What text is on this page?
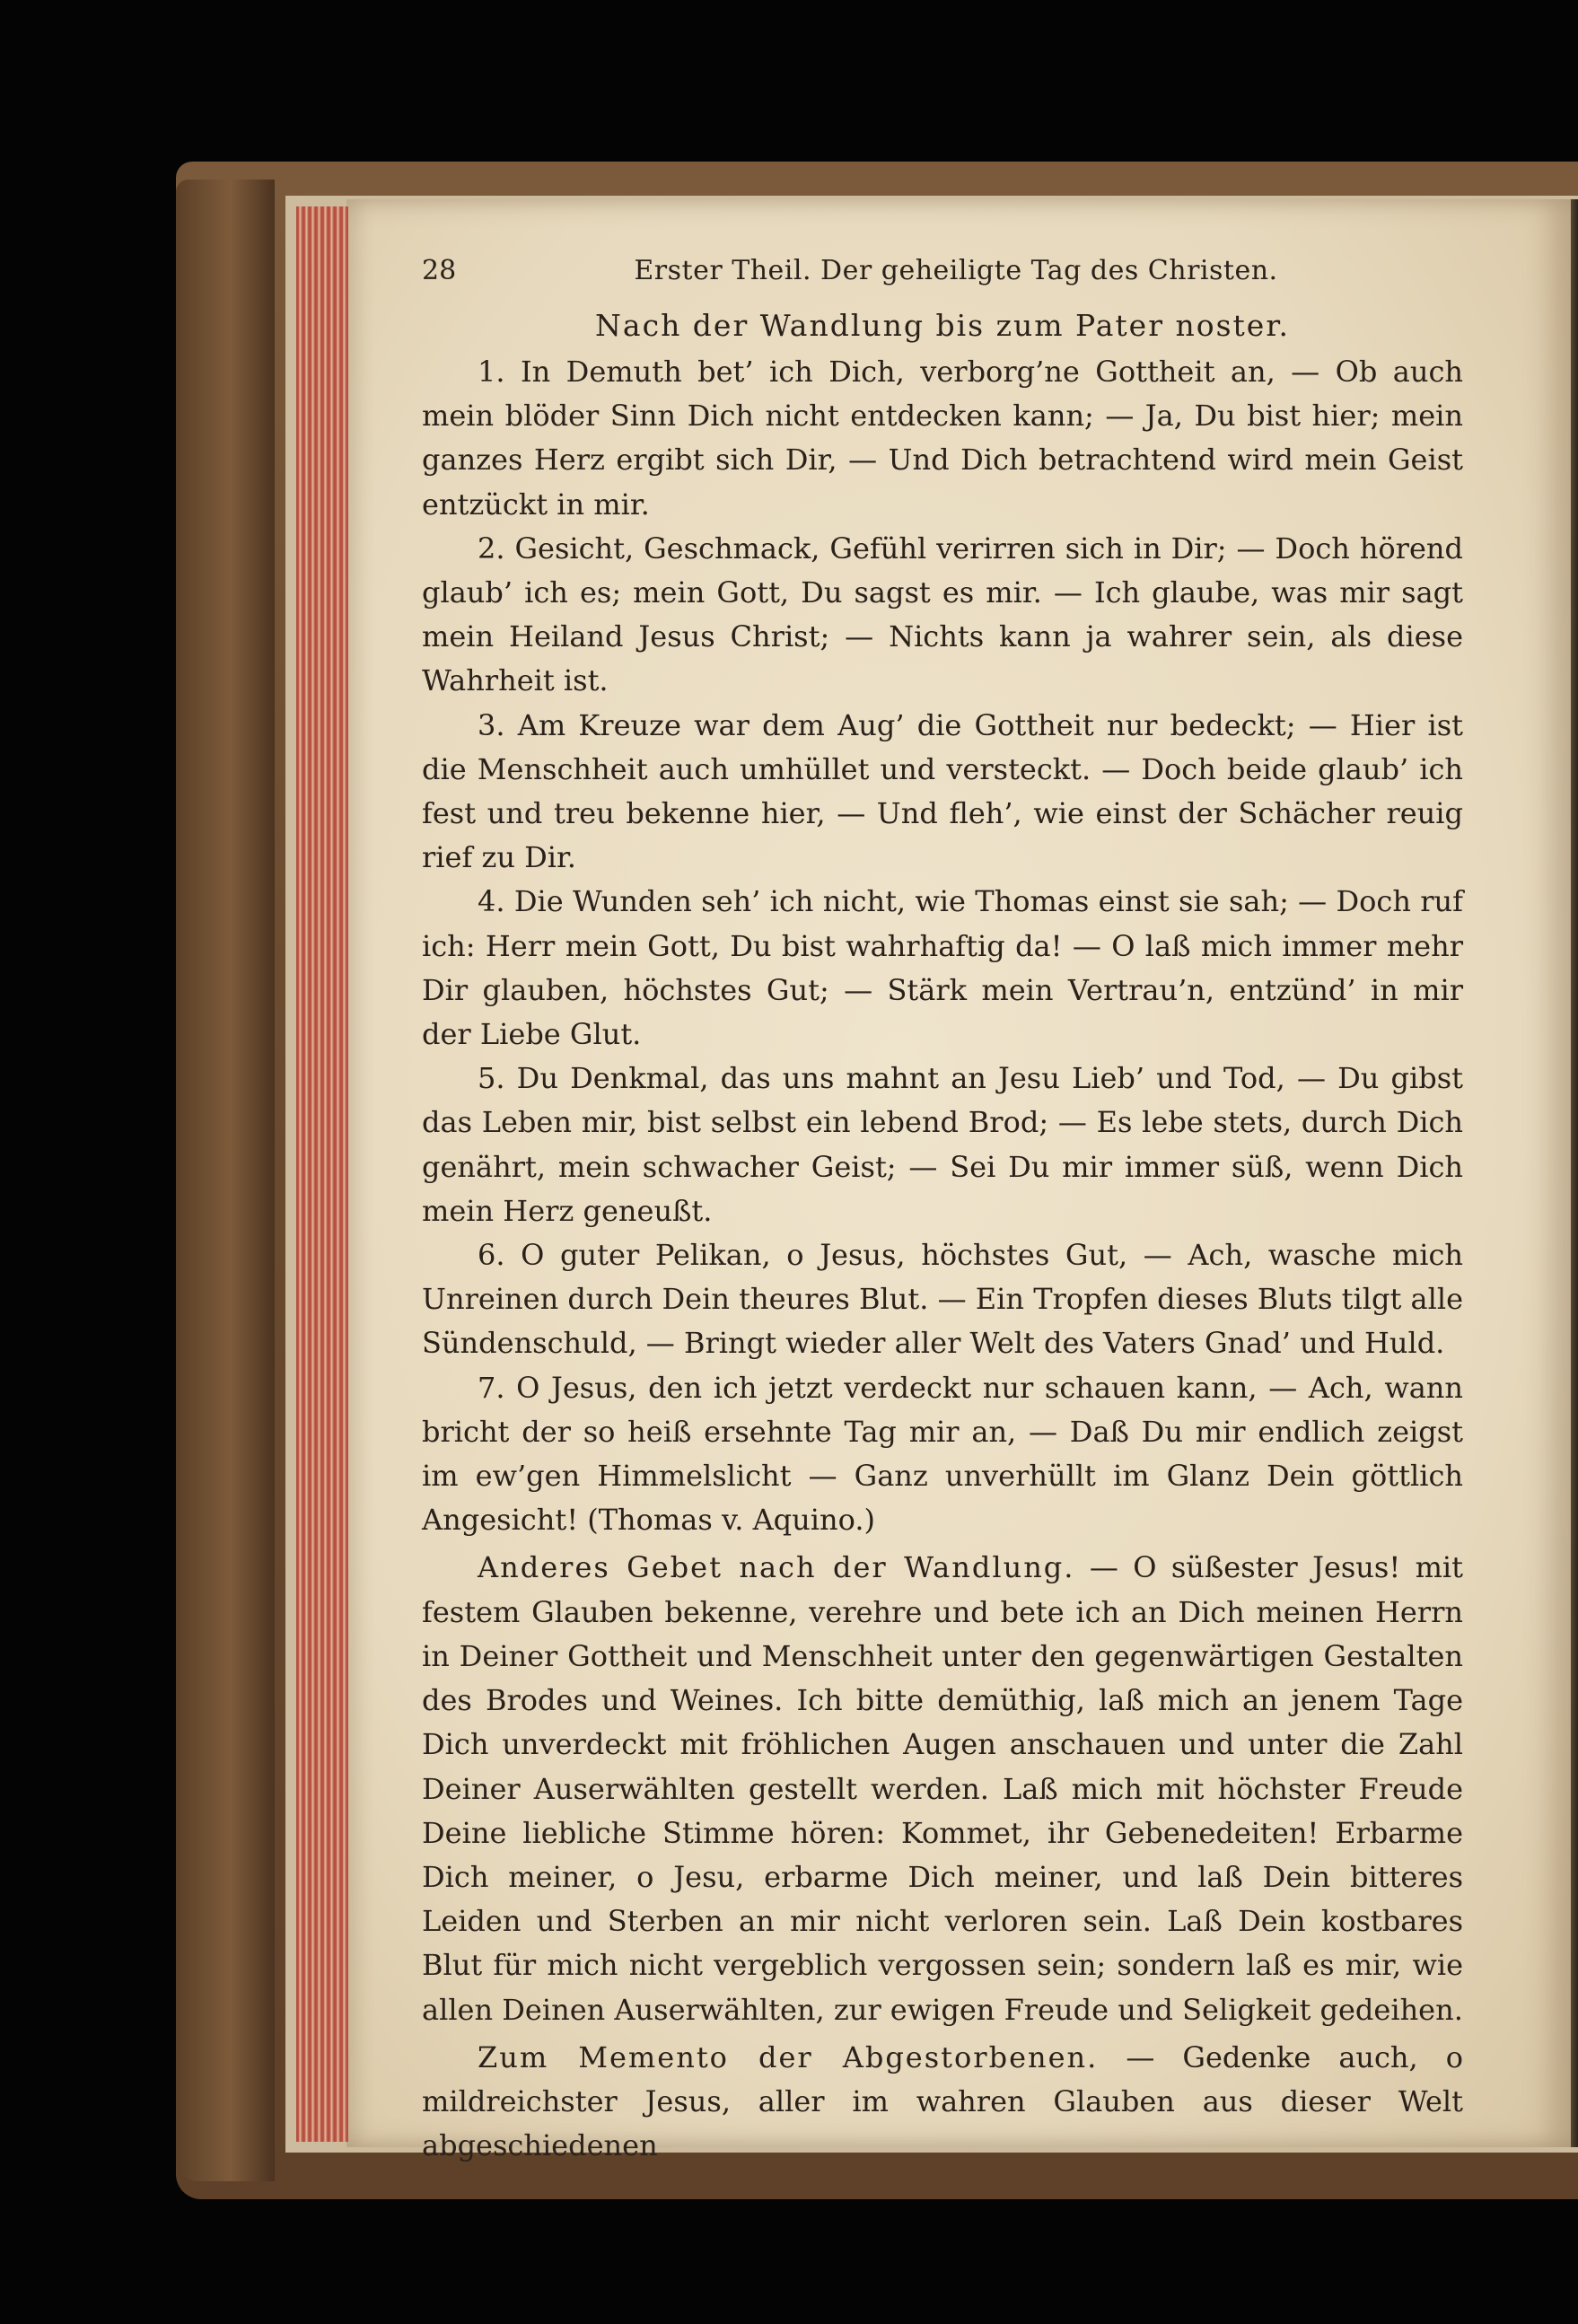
28	Erster Theil. Der geheiligte Tag des Christen.
Nach der Wandlung bis zum Pater noster.

1. In Demuth bet’ ich Dich, verborg’ne Gottheit an, — Ob auch mein blöder Sinn Dich nicht entdecken kann; — Ja, Du bist hier; mein ganzes Herz ergibt sich Dir, — Und Dich betrachtend wird mein Geist entzückt in mir.

2. Gesicht, Geschmack, Gefühl verirren sich in Dir; — Doch hörend glaub’ ich es; mein Gott, Du sagst es mir. — Ich glaube, was mir sagt mein Heiland Jesus Christ; — Nichts kann ja wahrer sein, als diese Wahrheit ist.

3. Am Kreuze war dem Aug’ die Gottheit nur bedeckt; — Hier ist die Menschheit auch umhüllet und versteckt. — Doch beide glaub’ ich fest und treu bekenne hier, — Und fleh’, wie einst der Schächer reuig rief zu Dir.

4. Die Wunden seh’ ich nicht, wie Thomas einst sie sah; — Doch ruf ich: Herr mein Gott, Du bist wahrhaftig da! — O laß mich immer mehr Dir glauben, höchstes Gut; — Stärk mein Vertrau’n, entzünd’ in mir der Liebe Glut.

5. Du Denkmal, das uns mahnt an Jesu Lieb’ und Tod, — Du gibst das Leben mir, bist selbst ein lebend Brod; — Es lebe stets, durch Dich genährt, mein schwacher Geist; — Sei Du mir immer süß, wenn Dich mein Herz geneußt.

6. O guter Pelikan, o Jesus, höchstes Gut, — Ach, wasche mich Unreinen durch Dein theures Blut. — Ein Tropfen dieses Bluts tilgt alle Sündenschuld, — Bringt wieder aller Welt des Vaters Gnad’ und Huld.

7. O Jesus, den ich jetzt verdeckt nur schauen kann, — Ach, wann bricht der so heiß ersehnte Tag mir an, — Daß Du mir endlich zeigst im ew’gen Himmelslicht — Ganz unverhüllt im Glanz Dein göttlich Angesicht! (Thomas v. Aquino.)

Anderes Gebet nach der Wandlung. — O süßester Jesus! mit festem Glauben bekenne, verehre und bete ich an Dich meinen Herrn in Deiner Gottheit und Menschheit unter den gegenwärtigen Gestalten des Brodes und Weines. Ich bitte demüthig, laß mich an jenem Tage Dich unverdeckt mit fröhlichen Augen anschauen und unter die Zahl Deiner Auserwählten gestellt werden. Laß mich mit höchster Freude Deine liebliche Stimme hören: Kommet, ihr Gebenedeiten! Erbarme Dich meiner, o Jesu, erbarme Dich meiner, und laß Dein bitteres Leiden und Sterben an mir nicht verloren sein. Laß Dein kostbares Blut für mich nicht vergeblich vergossen sein; sondern laß es mir, wie allen Deinen Auserwählten, zur ewigen Freude und Seligkeit gedeihen.

Zum Memento der Abgestorbenen. — Gedenke auch, o mildreichster Jesus, aller im wahren Glauben aus dieser Welt abgeschiedenen
